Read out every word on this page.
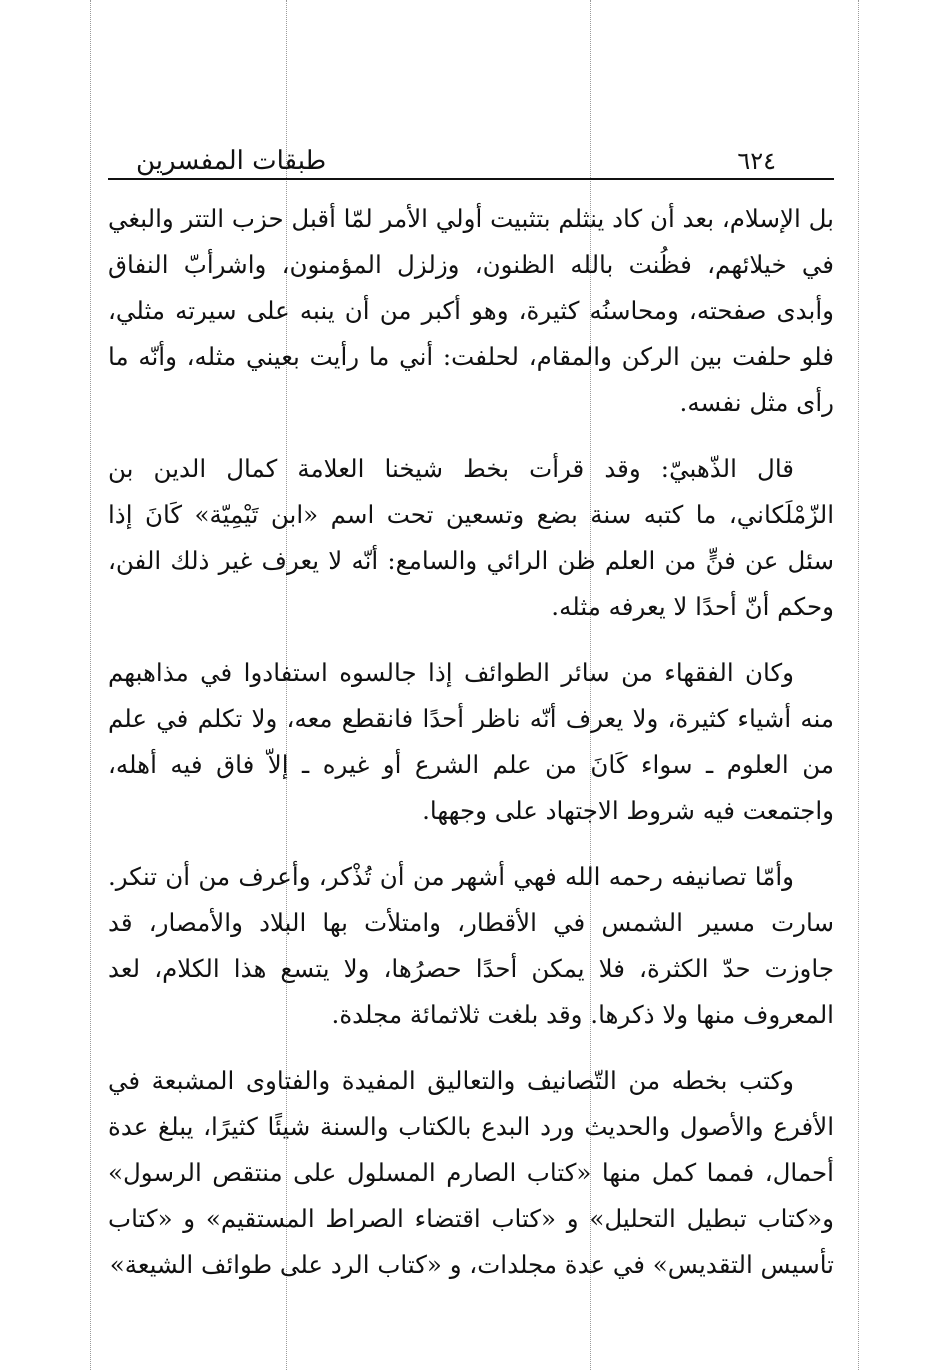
٦٢٤
طبقات المفسرين

بل الإسلام، بعد أن كاد ينثلم بتثبيت أولي الأمر لمّا أقبل حزب التتر والبغي في خيلائهم، فظُنت بالله الظنون، وزلزل المؤمنون، واشرأبّ النفاق وأبدى صفحته، ومحاسنُه كثيرة، وهو أكبر من أن ينبه على سيرته مثلي، فلو حلفت بين الركن والمقام، لحلفت: أني ما رأيت بعيني مثله، وأنّه ما رأى مثل نفسه.

قال الذّهبيّ: وقد قرأت بخط شيخنا العلامة كمال الدين بن الزّمْلَكاني، ما كتبه سنة بضع وتسعين تحت اسم «ابن تَيْمِيّة» كَانَ إذا سئل عن فنٍّ من العلم ظن الرائي والسامع: أنّه لا يعرف غير ذلك الفن، وحكم أنّ أحدًا لا يعرفه مثله.

وكان الفقهاء من سائر الطوائف إذا جالسوه استفادوا في مذاهبهم منه أشياء كثيرة، ولا يعرف أنّه ناظر أحدًا فانقطع معه، ولا تكلم في علم من العلوم ـ سواء كَانَ من علم الشرع أو غيره ـ إلاّ فاق فيه أهله، واجتمعت فيه شروط الاجتهاد على وجهها.

وأمّا تصانيفه رحمه الله فهي أشهر من أن تُذْكر، وأعرف من أن تنكر. سارت مسير الشمس في الأقطار، وامتلأت بها البلاد والأمصار، قد جاوزت حدّ الكثرة، فلا يمكن أحدًا حصرُها، ولا يتسع هذا الكلام، لعد المعروف منها ولا ذكرها. وقد بلغت ثلاثمائة مجلدة.

وكتب بخطه من التّصانيف والتعاليق المفيدة والفتاوى المشبعة في الأفرع والأصول والحديث ورد البدع بالكتاب والسنة شيئًا كثيرًا، يبلغ عدة أحمال، فمما كمل منها «كتاب الصارم المسلول على منتقص الرسول» و«كتاب تبطيل التحليل» و «كتاب اقتضاء الصراط المستقيم» و «كتاب تأسيس التقديس» في عدة مجلدات، و «كتاب الرد على طوائف الشيعة»
